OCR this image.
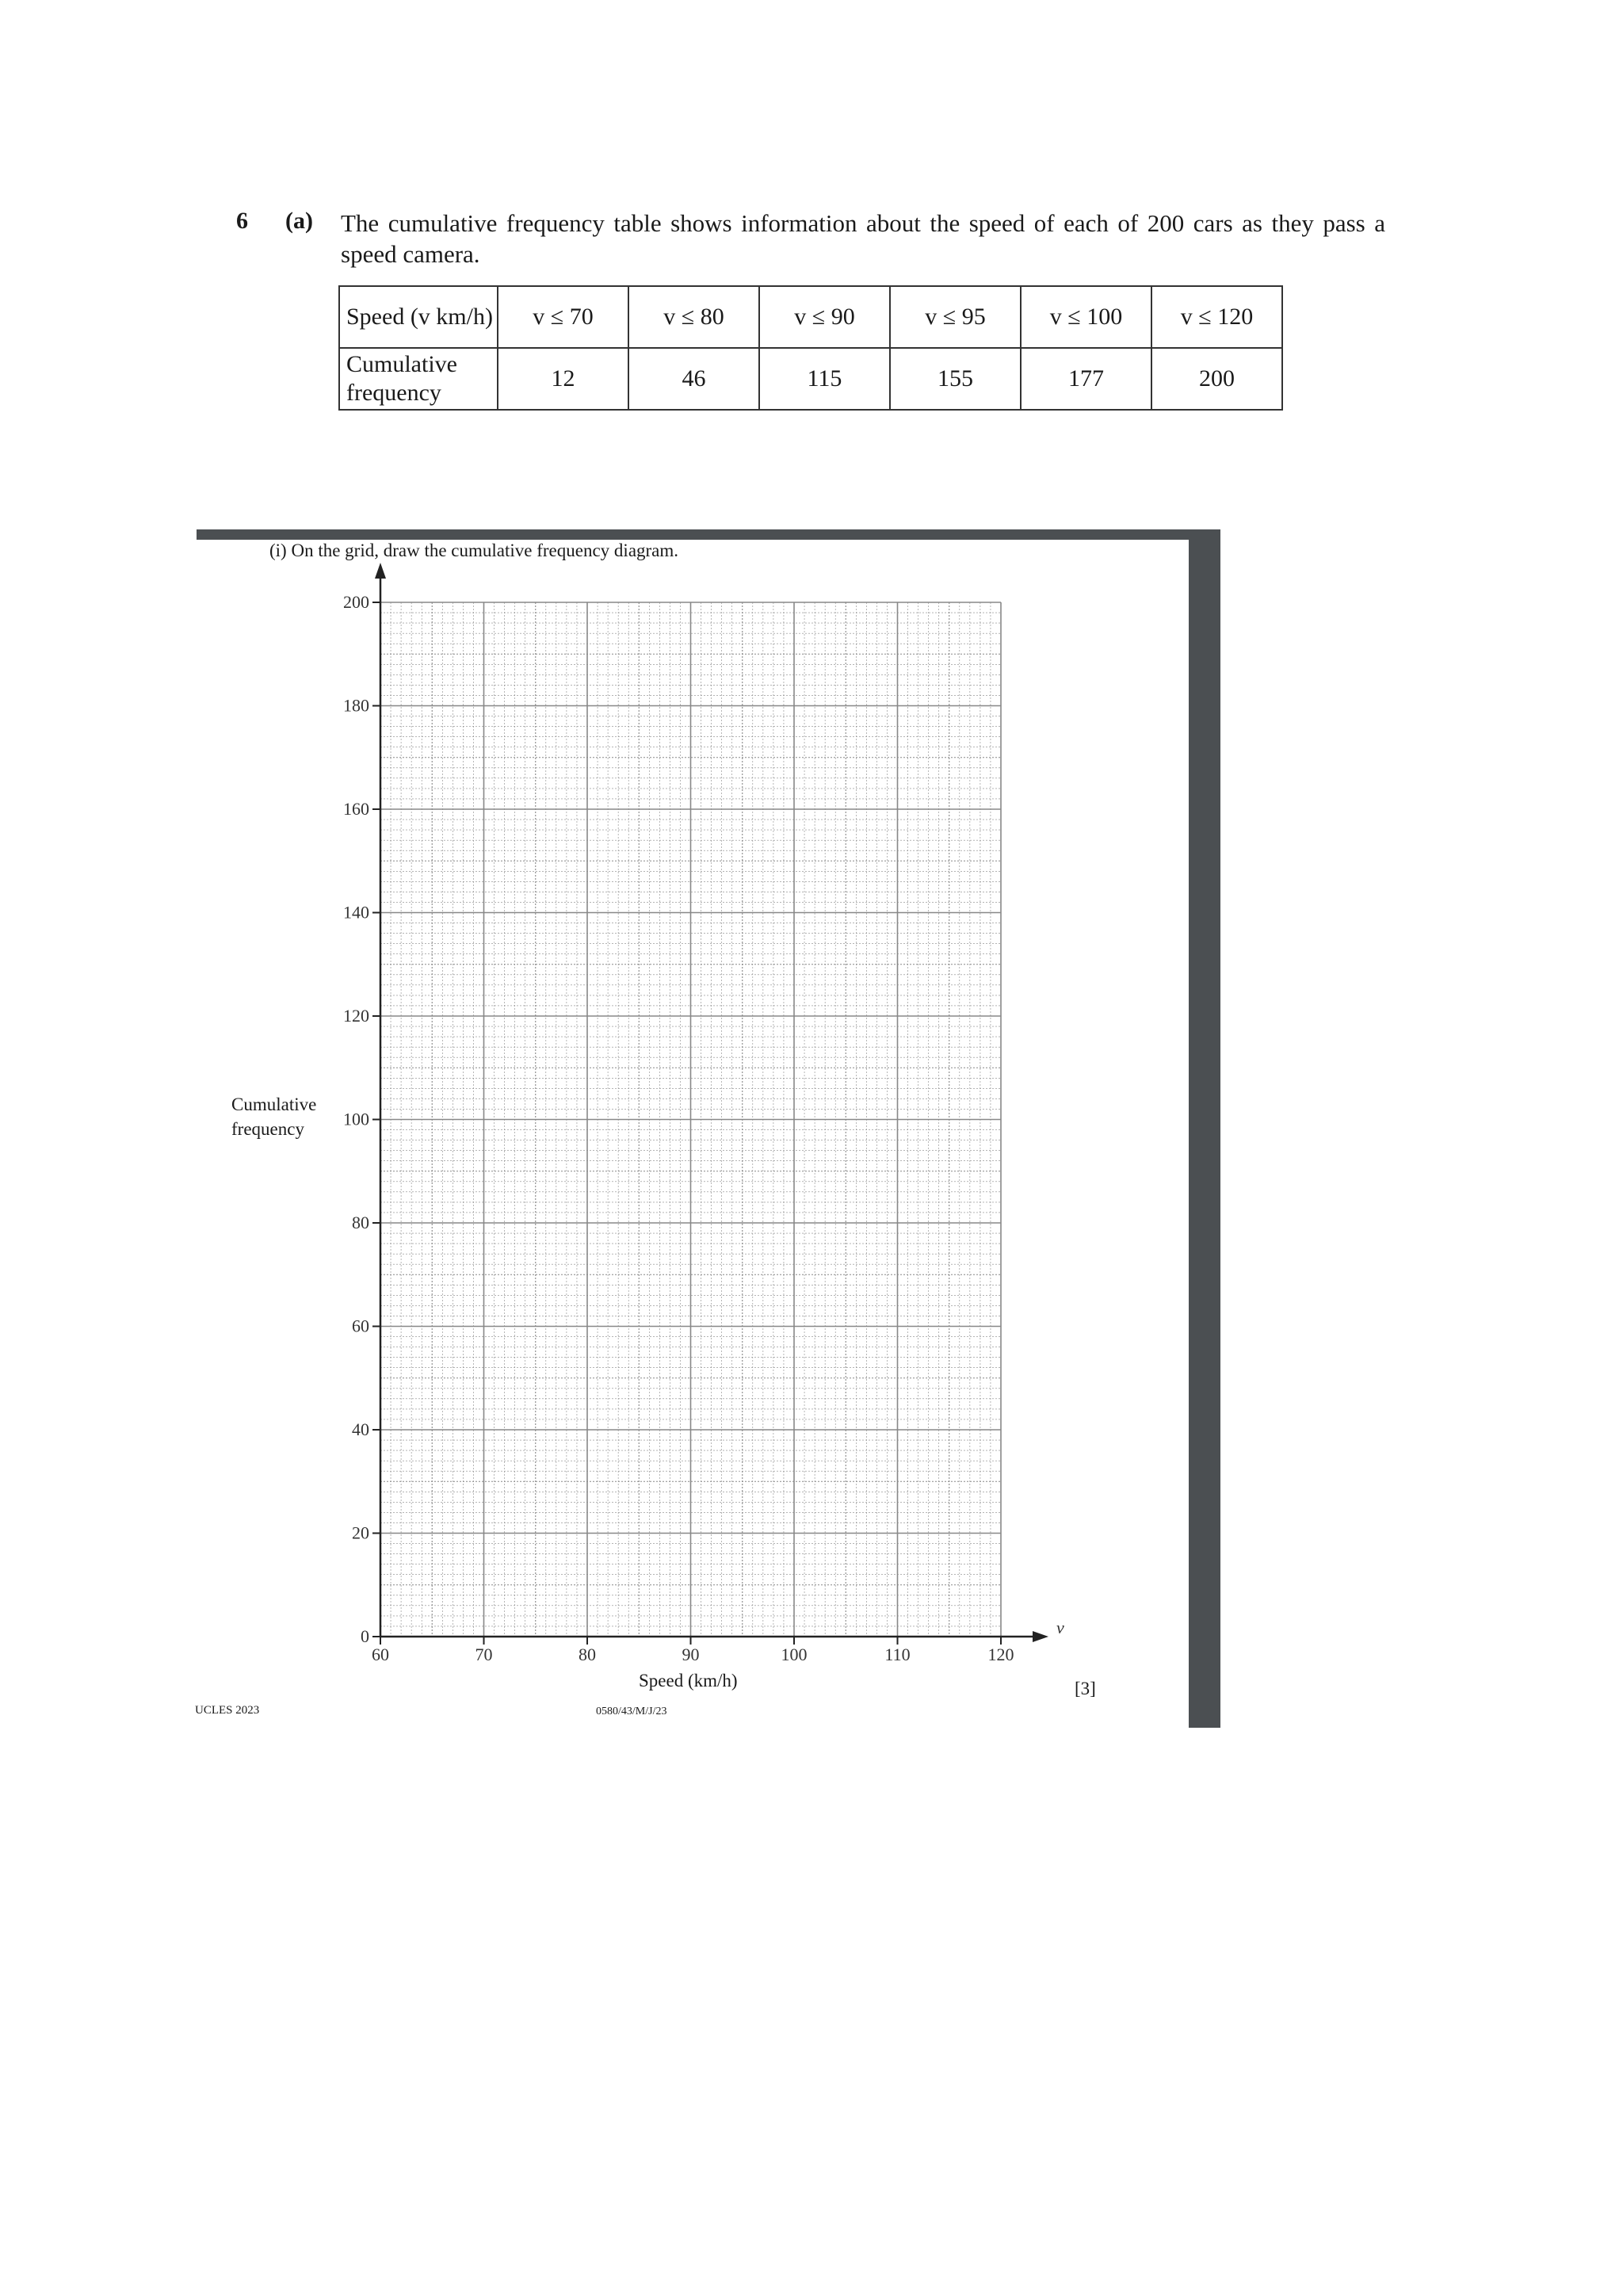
6 (a) The cumulative frequency table shows information about the speed of each of 200 cars as they pass a speed camera.
Speed (v km/h)	v ≤ 70	v ≤ 80	v ≤ 90	v ≤ 95	v ≤ 100	v ≤ 120
Cumulative frequency	12	46	115	155	177	200
(i) On the grid, draw the cumulative frequency diagram.
Cumulative frequency
Speed (km/h)	[3]
UCLES 2023	0580/43/M/J/23
0
20
40
60
80
100
120
140
160
180
200
60	70	80	90	100	110	120
v
